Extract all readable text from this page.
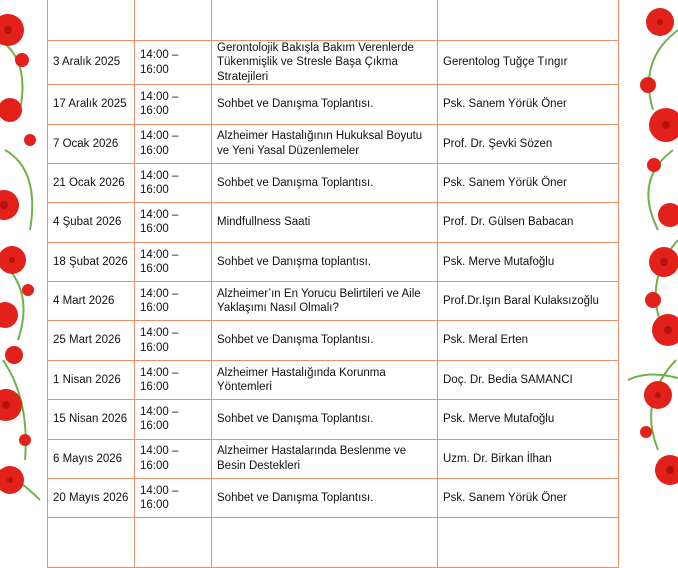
3 Aralık 2025	14:00 – 16:00	Gerontolojik Bakışla Bakım Verenlerde Tükenmişlik ve Stresle Başa Çıkma Stratejileri	Gerentolog Tuğçe Tıngır
17 Aralık 2025	14:00 – 16:00	Sohbet ve Danışma Toplantısı.	Psk. Sanem Yörük Öner
7 Ocak 2026	14:00 – 16:00	Alzheimer Hastalığının Hukuksal Boyutu ve Yeni Yasal Düzenlemeler	Prof. Dr. Şevki Sözen
21 Ocak 2026	14:00 – 16:00	Sohbet ve Danışma Toplantısı.	Psk. Sanem Yörük Öner
4 Şubat 2026	14:00 – 16:00	Mindfullness Saati	Prof. Dr. Gülsen Babacan
18 Şubat 2026	14:00 – 16:00	Sohbet ve Danışma toplantısı.	Psk. Merve Mutafoğlu
4 Mart 2026	14:00 – 16:00	Alzheimer’ın En Yorucu Belirtileri ve Aile Yaklaşımı Nasıl Olmalı?	Prof.Dr.Işın Baral Kulaksızoğlu
25 Mart 2026	14:00 – 16:00	Sohbet ve Danışma Toplantısı.	Psk. Meral Erten
1 Nisan 2026	14:00 – 16:00	Alzheimer Hastalığında Korunma Yöntemleri	Doç. Dr. Bedia SAMANCI
15 Nisan 2026	14:00 – 16:00	Sohbet ve Danışma Toplantısı.	Psk. Merve Mutafoğlu
6 Mayıs 2026	14:00 – 16:00	Alzheimer Hastalarında Beslenme ve Besin Destekleri	Uzm. Dr. Birkan İlhan
20 Mayıs 2026	14:00 – 16:00	Sohbet ve Danışma Toplantısı.	Psk. Sanem Yörük Öner
